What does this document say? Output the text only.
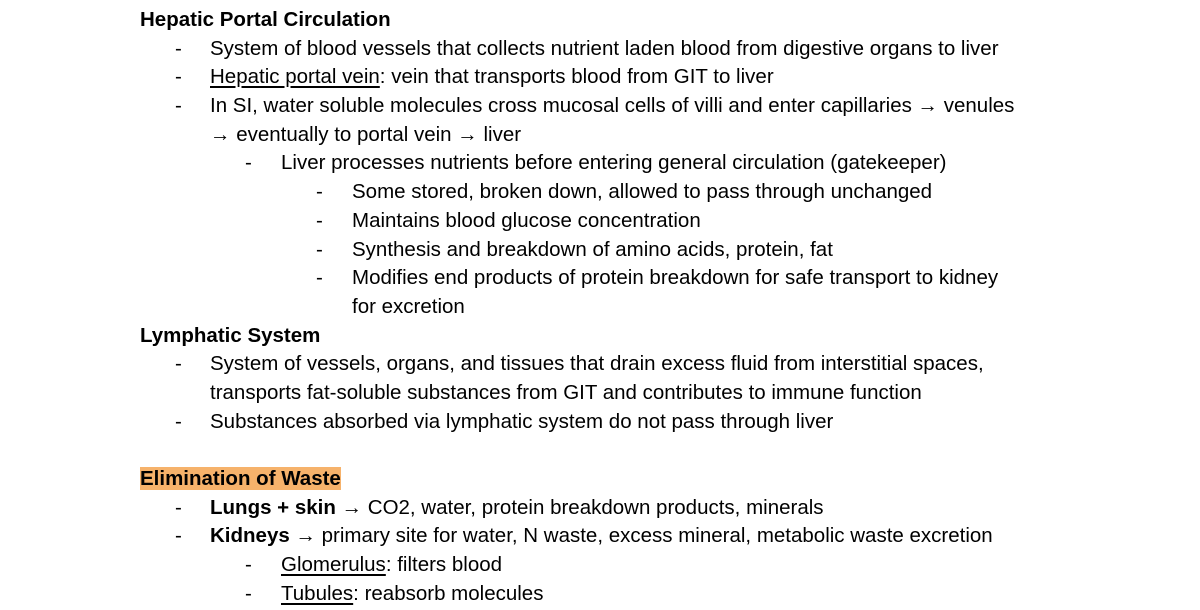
Hepatic Portal Circulation
- System of blood vessels that collects nutrient laden blood from digestive organs to liver
- Hepatic portal vein: vein that transports blood from GIT to liver
- In SI, water soluble molecules cross mucosal cells of villi and enter capillaries → venules
→ eventually to portal vein → liver
- Liver processes nutrients before entering general circulation (gatekeeper)
- Some stored, broken down, allowed to pass through unchanged
- Maintains blood glucose concentration
- Synthesis and breakdown of amino acids, protein, fat
- Modifies end products of protein breakdown for safe transport to kidney
for excretion
Lymphatic System
- System of vessels, organs, and tissues that drain excess fluid from interstitial spaces,
transports fat-soluble substances from GIT and contributes to immune function
- Substances absorbed via lymphatic system do not pass through liver
Elimination of Waste
- Lungs + skin → CO2, water, protein breakdown products, minerals
- Kidneys → primary site for water, N waste, excess mineral, metabolic waste excretion
- Glomerulus: filters blood
- Tubules: reabsorb molecules
